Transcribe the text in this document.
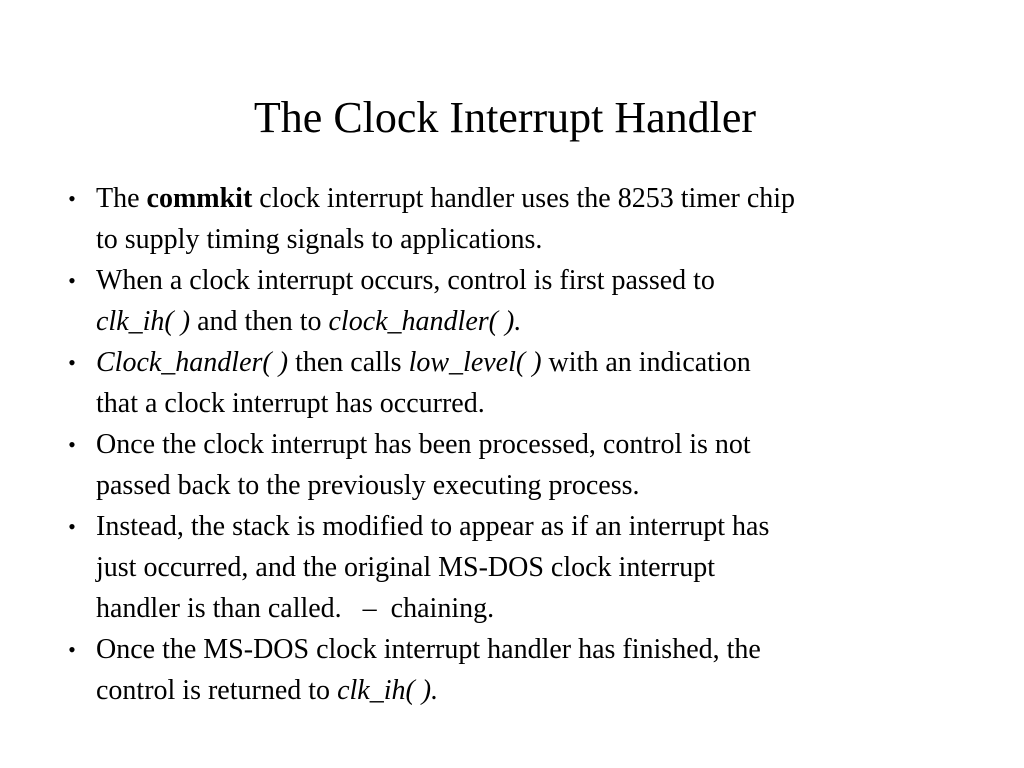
The Clock Interrupt Handler
• The commkit clock interrupt handler uses the 8253 timer chip
to supply timing signals to applications.
• When a clock interrupt occurs, control is first passed to
clk_ih( ) and then to clock_handler( ).
• Clock_handler( ) then calls low_level( ) with an indication
that a clock interrupt has occurred.
• Once the clock interrupt has been processed, control is not
passed back to the previously executing process.
• Instead, the stack is modified to appear as if an interrupt has
just occurred, and the original MS-DOS clock interrupt
handler is than called.   –  chaining.
• Once the MS-DOS clock interrupt handler has finished, the
control is returned to clk_ih( ).
